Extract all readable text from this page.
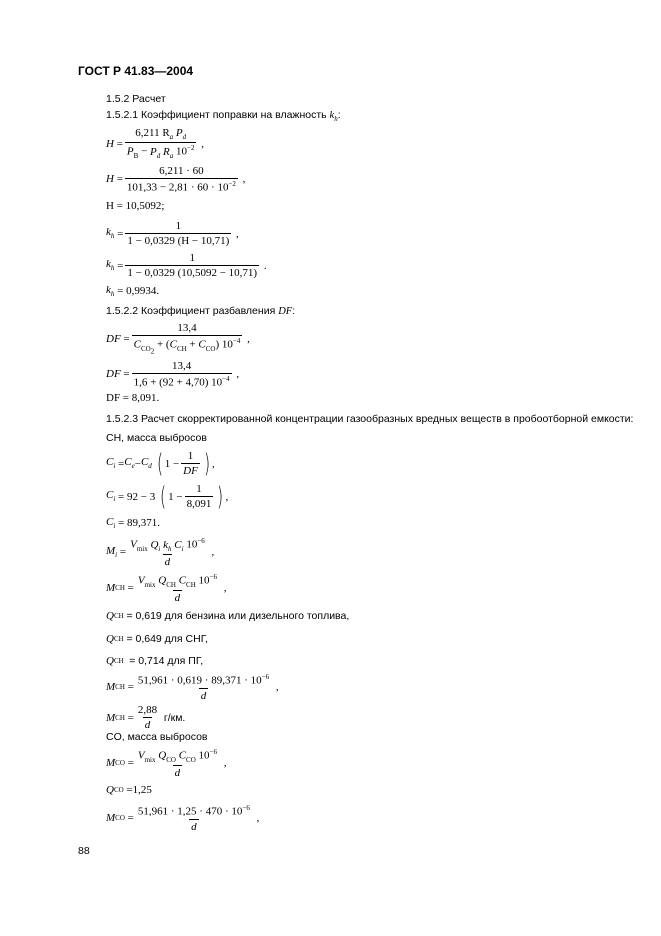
ГОСТ Р 41.83—2004
1.5.2 Расчет
1.5.2.1 Коэффициент поправки на влажность $k_h$:
H =
6,211 $R_a$ $P_d$
$P_B - P_d$ $R_a$ $10^{-2}$ ,
H =
6,211 · 60
$101,33 - 2,81 \cdot 60 \cdot 10^{-2}$ ,
H = 10,5092;
$k_h$ =
1
1 − 0,0329 (H − 10,71)
,
$k_h$ =
1
1 − 0,0329 (10,5092 − 10,71)
.
$k_h$
= 0,9934.
1.5.2.2 Коэффициент разбавления DF:
DF =
13,4
$C_{CO_2} + (C_{CH} + C_{CO})$ $10^{-4}$ ,
DF =
13,4
1,6 + (92 + 4,70) $10^{-4}$ ,
DF = 8,091.
1.5.2.3 Расчет скорректированной концентрации газообразных вредных веществ в пробоотборной емкости:
CH, масса выбросов
$C_i = C_e - C_d$
( 1 −
1
DF ) ,
$C_i$
= 92 − 3
( 1 −
1
8,091 ) ,
$C_i$
= 89,371.
$M_i$ =
$V_{mix}$ $Q_i$ $k_h$ $C_i$ $10^{-6}$
d
,
M CH =
$V_{mix}$ $Q_{CH}$ $C_{CH}$ $10^{-6}$
d
,
Q CH
= 0,619 для бензина или дизельного топлива,
Q CH
= 0,649 для СНГ,
Q CH
= 0,714 для ПГ,
M CH =
$51,961 \cdot 0,619 \cdot 89,371 \cdot 10^{-6}$
d
,
M CH =
2,88
d

г/км.
CO, масса выбросов
M CO =
$V_{mix}$ $Q_{CO}$ $C_{CO}$ $10^{-6}$
d
,
Q CO
=1,25
M CO =
$51,961 \cdot 1,25 \cdot 470 \cdot 10^{-6}$
d
,
88
